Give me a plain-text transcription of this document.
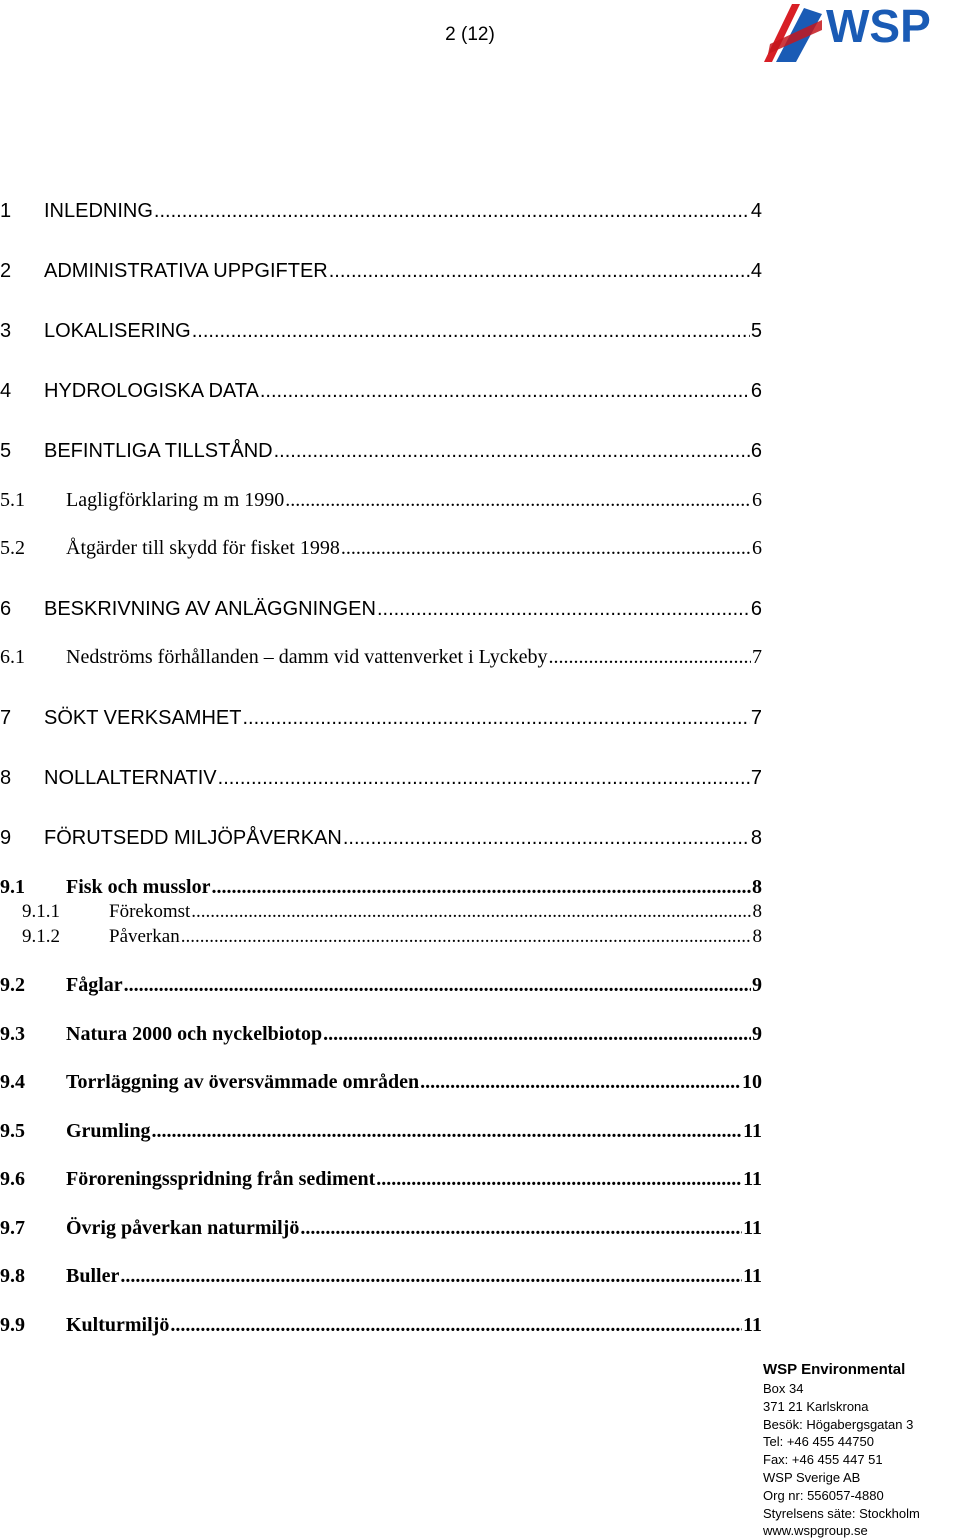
2 (12)	WSP
1	INLEDNING .....	4
2	ADMINISTRATIVA UPPGIFTER .....	4
3	LOKALISERING .....	5
4	HYDROLOGISKA DATA .....	6
5	BEFINTLIGA TILLSTÅND .....	6
5.1	Lagligförklaring m m 1990 .....	6
5.2	Åtgärder till skydd för fisket 1998 .....	6
6	BESKRIVNING AV ANLÄGGNINGEN .....	6
6.1	Nedströms förhållanden – damm vid vattenverket i Lyckeby .....	7
7	SÖKT VERKSAMHET .....	7
8	NOLLALTERNATIV .....	7
9	FÖRUTSEDD MILJÖPÅVERKAN .....	8
9.1	Fisk och musslor .....	8
9.1.1	Förekomst .....	8
9.1.2	Påverkan .....	8
9.2	Fåglar .....	9
9.3	Natura 2000 och nyckelbiotop .....	9
9.4	Torrläggning av översvämmade områden .....	10
9.5	Grumling .....	11
9.6	Föroreningsspridning från sediment .....	11
9.7	Övrig påverkan naturmiljö .....	11
9.8	Buller .....	11
9.9	Kulturmiljö .....	11
WSP Environmental
Box 34
371 21 Karlskrona
Besök: Högabergsgatan 3
Tel: +46 455 44750
Fax: +46 455 447 51
WSP Sverige AB
Org nr: 556057-4880
Styrelsens säte: Stockholm
www.wspgroup.se
